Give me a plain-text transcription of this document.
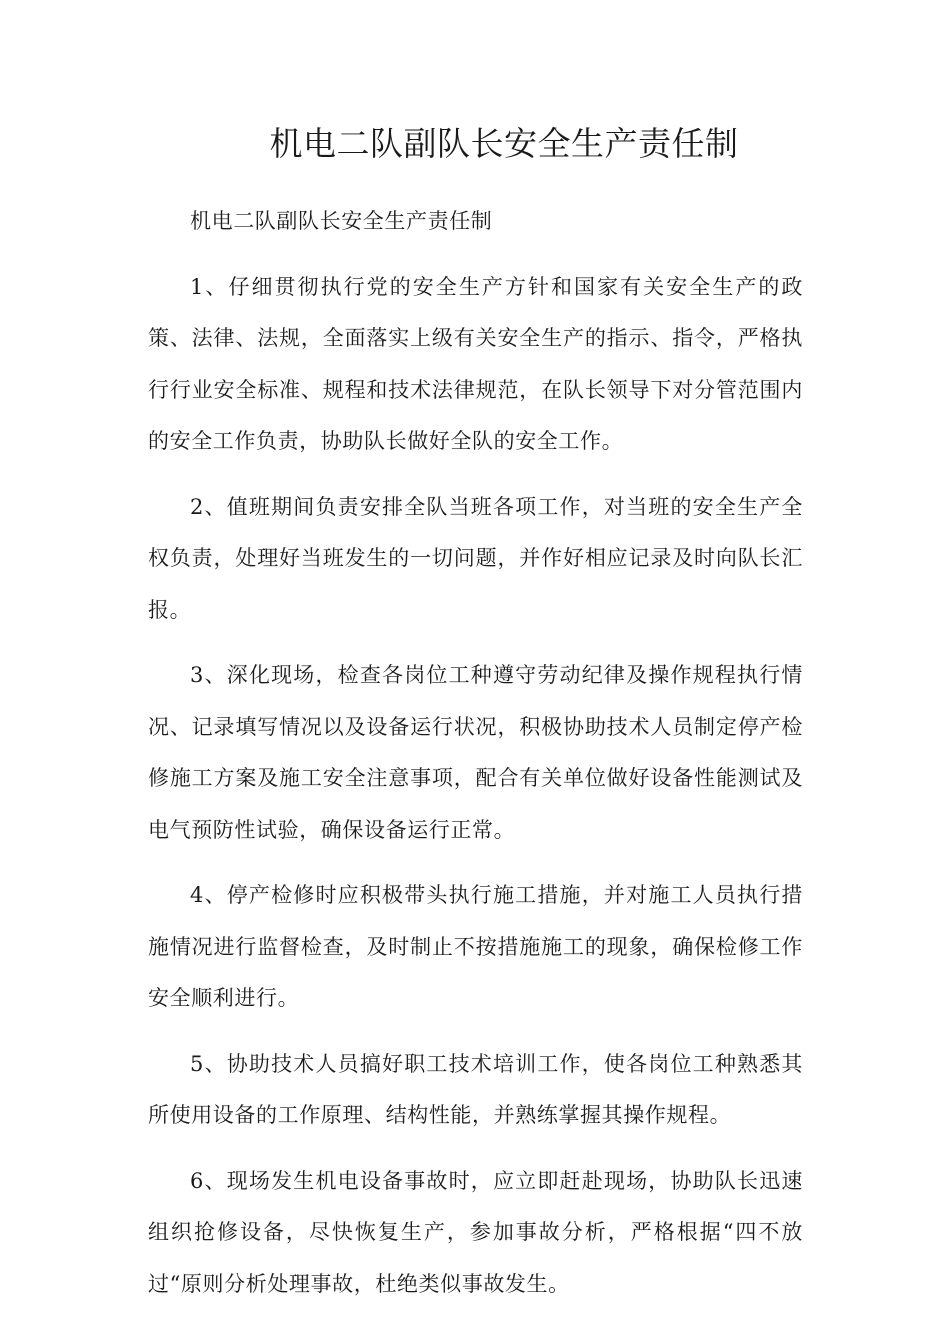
机电二队副队长安全生产责任制

机电二队副队长安全生产责任制

1、仔细贯彻执行党的安全生产方针和国家有关安全生产的政策、法律、法规，全面落实上级有关安全生产的指示、指令，严格执行行业安全标准、规程和技术法律规范，在队长领导下对分管范围内的安全工作负责，协助队长做好全队的安全工作。

2、值班期间负责安排全队当班各项工作，对当班的安全生产全权负责，处理好当班发生的一切问题，并作好相应记录及时向队长汇报。

3、深化现场，检查各岗位工种遵守劳动纪律及操作规程执行情况、记录填写情况以及设备运行状况，积极协助技术人员制定停产检修施工方案及施工安全注意事项，配合有关单位做好设备性能测试及电气预防性试验，确保设备运行正常。

4、停产检修时应积极带头执行施工措施，并对施工人员执行措施情况进行监督检查，及时制止不按措施施工的现象，确保检修工作安全顺利进行。

5、协助技术人员搞好职工技术培训工作，使各岗位工种熟悉其所使用设备的工作原理、结构性能，并熟练掌握其操作规程。

6、现场发生机电设备事故时，应立即赶赴现场，协助队长迅速组织抢修设备，尽快恢复生产，参加事故分析，严格根据“四不放过“原则分析处理事故，杜绝类似事故发生。
